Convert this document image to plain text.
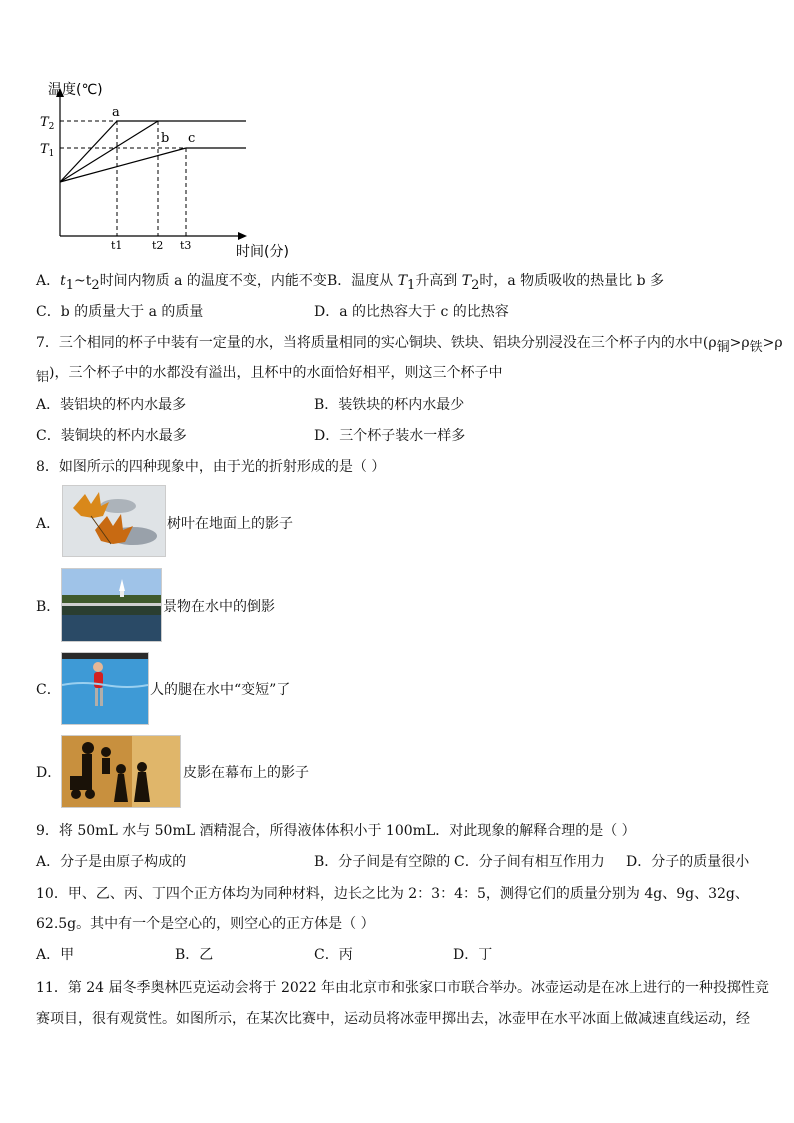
温度(℃)
时间(分)
$T_2$
$T_1$
t1	t2 t3
a
b c
A．$t_1\sim t_2$时间内物质 a 的温度不变，内能不变B．温度从 $T_1$升高到 $T_2$时，a 物质吸收的热量比 b 多
C．b 的质量大于 a 的质量	D．a 的比热容大于 c 的比热容
7．三个相同的杯子中装有一定量的水，当将质量相同的实心铜块、铁块、铝块分别浸没在三个杯子内的水中($\rho_铜>\rho_铁>\rho$
$_铝$)，三个杯子中的水都没有溢出，且杯中的水面恰好相平，则这三个杯子中
A．装铝块的杯内水最多	B．装铁块的杯内水最少
C．装铜块的杯内水最多	D．三个杯子装水一样多
8．如图所示的四种现象中，由于光的折射形成的是（ ）
A．	树叶在地面上的影子
B．	景物在水中的倒影
C．	人的腿在水中“变短”了
D．	皮影在幕布上的影子
9．将 50mL 水与 50mL 酒精混合，所得液体体积小于 100mL．对此现象的解释合理的是（ ）
A．分子是由原子构成的	B．分子间是有空隙的 C．分子间有相互作用力 D．分子的质量很小
10．甲、乙、丙、丁四个正方体均为同种材料，边长之比为 2：3：4：5，测得它们的质量分别为 4g、9g、32g、
62.5g。其中有一个是空心的，则空心的正方体是（ ）
A．甲	B．乙	C．丙	D．丁
11．第 24 届冬季奥林匹克运动会将于 2022 年由北京市和张家口市联合举办。冰壶运动是在冰上进行的一种投掷性竞
赛项目，很有观赏性。如图所示，在某次比赛中，运动员将冰壶甲掷出去，冰壶甲在水平冰面上做减速直线运动，经
